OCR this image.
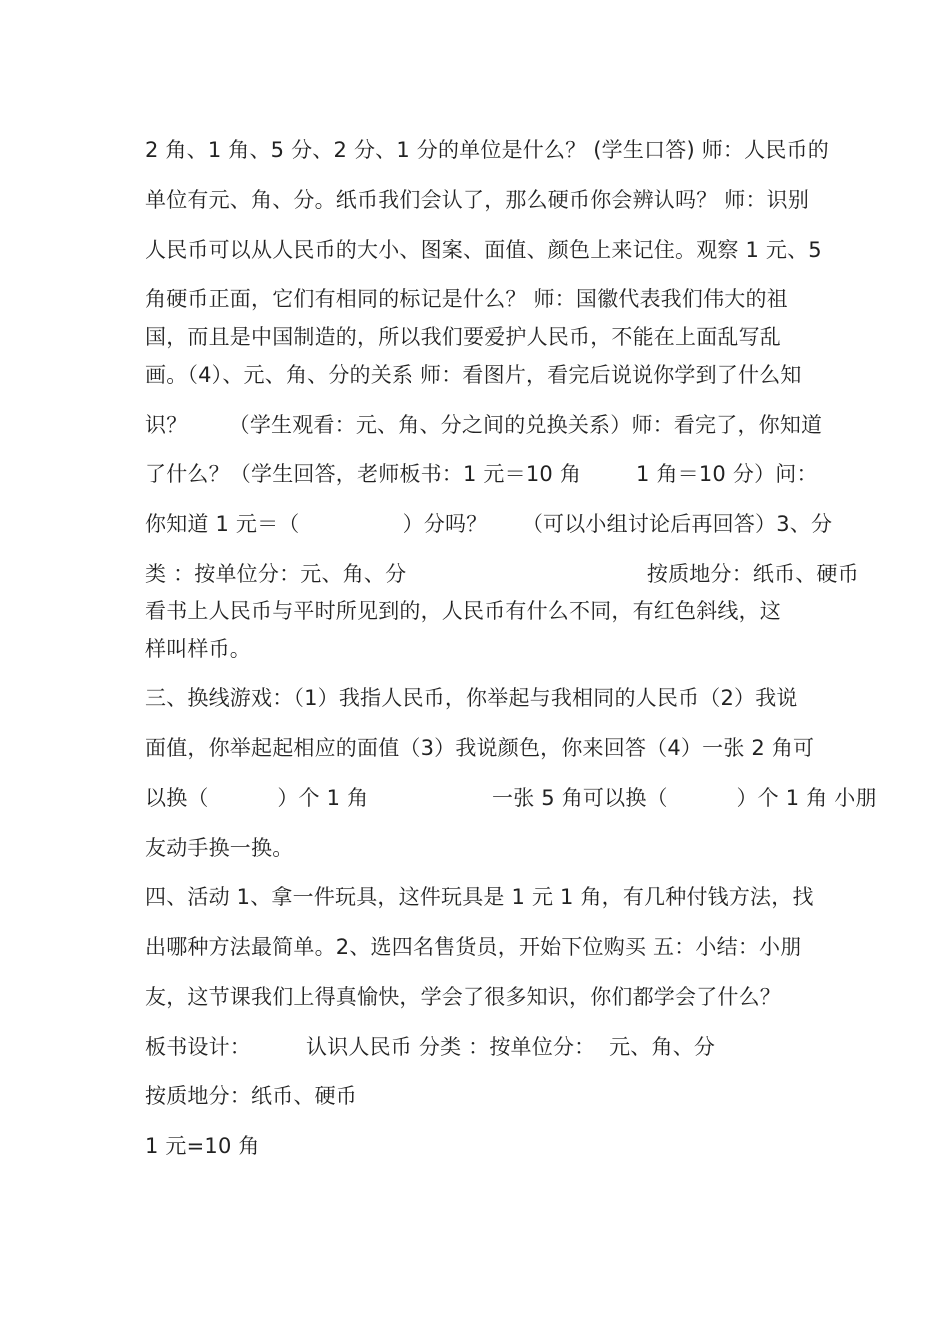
2 角、1 角、5 分、2 分、1 分的单位是什么？ (学生口答) 师：人民币的
单位有元、角、分。纸币我们会认了，那么硬币你会辨认吗？ 师：识别
人民币可以从人民币的大小、图案、面值、颜色上来记住。观察 1 元、5
角硬币正面，它们有相同的标记是什么？ 师：国徽代表我们伟大的祖
国，而且是中国制造的，所以我们要爱护人民币，不能在上面乱写乱
画。（4）、元、角、分的关系 师：看图片，看完后说说你学到了什么知
识？      （学生观看：元、角、分之间的兑换关系）师：看完了，你知道
了什么？（学生回答，老师板书：1 元＝10 角        1 角＝10 分）问：
你知道 1 元＝（               ）分吗？     （可以小组讨论后再回答）3、分
类 ：按单位分：元、角、分                                   按质地分：纸币、硬币
看书上人民币与平时所见到的，人民币有什么不同，有红色斜线，这
样叫样币。
三、换线游戏：（1）我指人民币，你举起与我相同的人民币（2）我说
面值，你举起起相应的面值（3）我说颜色，你来回答（4）一张 2 角可
以换（          ）个 1 角                  一张 5 角可以换（          ）个 1 角 小朋
友动手换一换。
四、活动 1、拿一件玩具，这件玩具是 1 元 1 角，有几种付钱方法，找
出哪种方法最简单。2、选四名售货员，开始下位购买 五：小结：小朋
友，这节课我们上得真愉快，学会了很多知识，你们都学会了什么？
板书设计：        认识人民币 分类 ：按单位分：  元、角、分
按质地分：纸币、硬币
1 元=10 角
